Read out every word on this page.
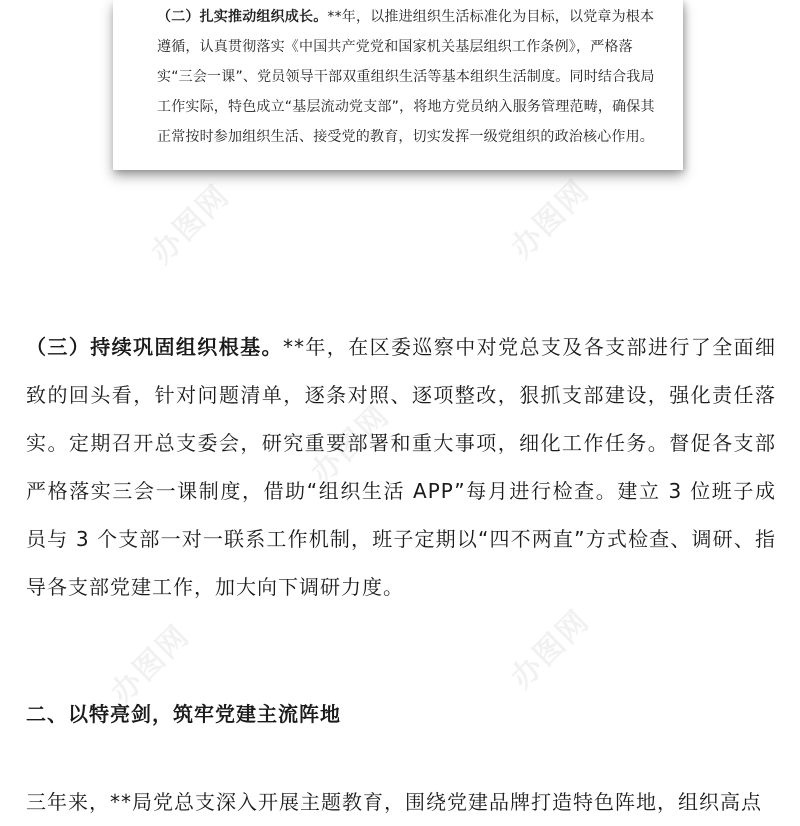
（二）扎实推动组织成长。**年，以推进组织生活标准化为目标，以党章为根本遵循，认真贯彻落实《中国共产党党和国家机关基层组织工作条例》，严格落实“三会一课”、党员领导干部双重组织生活等基本组织生活制度。同时结合我局工作实际，特色成立“基层流动党支部”，将地方党员纳入服务管理范畴，确保其正常按时参加组织生活、接受党的教育，切实发挥一级党组织的政治核心作用。
（三）持续巩固组织根基。**年，在区委巡察中对党总支及各支部进行了全面细致的回头看，针对问题清单，逐条对照、逐项整改，狠抓支部建设，强化责任落实。定期召开总支委会，研究重要部署和重大事项，细化工作任务。督促各支部严格落实三会一课制度，借助“组织生活 APP”每月进行检查。建立 3 位班子成员与 3 个支部一对一联系工作机制，班子定期以“四不两直”方式检查、调研、指导各支部党建工作，加大向下调研力度。
二、以特亮剑，筑牢党建主流阵地
三年来，**局党总支深入开展主题教育，围绕党建品牌打造特色阵地，组织高点
办图网	办图网
办图网
办图网	办图网
